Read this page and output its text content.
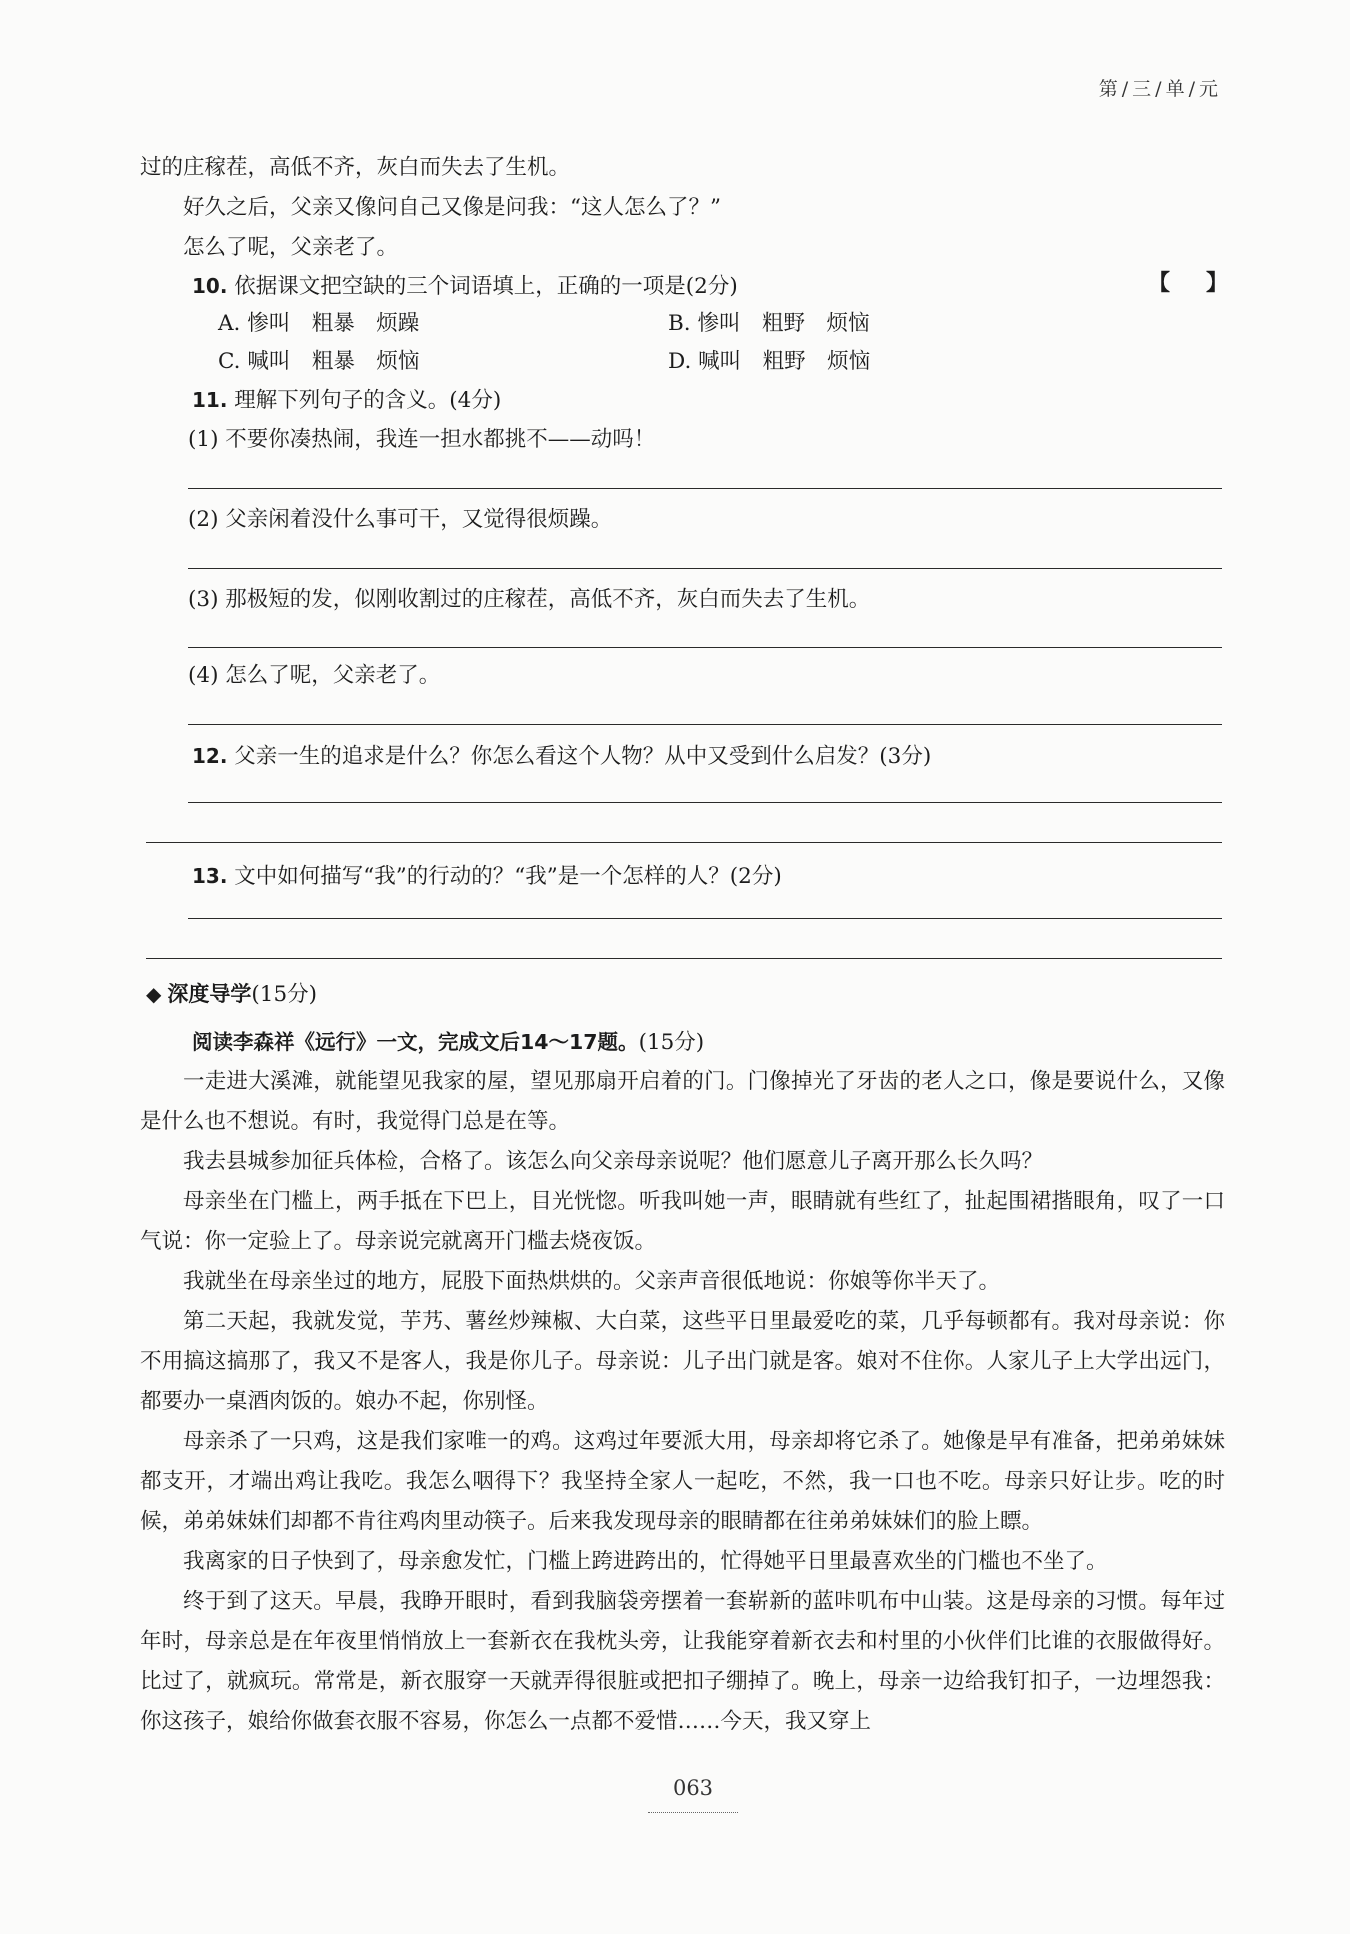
第/三/单/元

过的庄稼茬，高低不齐，灰白而失去了生机。

好久之后，父亲又像问自己又像是问我：“这人怎么了？”

怎么了呢，父亲老了。

10. 依据课文把空缺的三个词语填上，正确的一项是(2分)	【】
A. 惨叫　粗暴　烦躁	B. 惨叫　粗野　烦恼
C. 喊叫　粗暴　烦恼	D. 喊叫　粗野　烦恼
11. 理解下列句子的含义。(4分)
(1) 不要你凑热闹，我连一担水都挑不——动吗！
(2) 父亲闲着没什么事可干，又觉得很烦躁。
(3) 那极短的发，似刚收割过的庄稼茬，高低不齐，灰白而失去了生机。
(4) 怎么了呢，父亲老了。
12. 父亲一生的追求是什么？你怎么看这个人物？从中又受到什么启发？(3分)
13. 文中如何描写“我”的行动的？“我”是一个怎样的人？(2分)
◆ 深度导学(15分)
阅读李森祥《远行》一文，完成文后14～17题。(15分)

一走进大溪滩，就能望见我家的屋，望见那扇开启着的门。门像掉光了牙齿的老人之口，像是要说什么，又像是什么也不想说。有时，我觉得门总是在等。

我去县城参加征兵体检，合格了。该怎么向父亲母亲说呢？他们愿意儿子离开那么长久吗？

母亲坐在门槛上，两手抵在下巴上，目光恍惚。听我叫她一声，眼睛就有些红了，扯起围裙揩眼角，叹了一口气说：你一定验上了。母亲说完就离开门槛去烧夜饭。

我就坐在母亲坐过的地方，屁股下面热烘烘的。父亲声音很低地说：你娘等你半天了。

第二天起，我就发觉，芋艿、薯丝炒辣椒、大白菜，这些平日里最爱吃的菜，几乎每顿都有。我对母亲说：你不用搞这搞那了，我又不是客人，我是你儿子。母亲说：儿子出门就是客。娘对不住你。人家儿子上大学出远门，都要办一桌酒肉饭的。娘办不起，你别怪。

母亲杀了一只鸡，这是我们家唯一的鸡。这鸡过年要派大用，母亲却将它杀了。她像是早有准备，把弟弟妹妹都支开，才端出鸡让我吃。我怎么咽得下？我坚持全家人一起吃，不然，我一口也不吃。母亲只好让步。吃的时候，弟弟妹妹们却都不肯往鸡肉里动筷子。后来我发现母亲的眼睛都在往弟弟妹妹们的脸上瞟。

我离家的日子快到了，母亲愈发忙，门槛上跨进跨出的，忙得她平日里最喜欢坐的门槛也不坐了。

终于到了这天。早晨，我睁开眼时，看到我脑袋旁摆着一套崭新的蓝咔叽布中山装。这是母亲的习惯。每年过年时，母亲总是在年夜里悄悄放上一套新衣在我枕头旁，让我能穿着新衣去和村里的小伙伴们比谁的衣服做得好。比过了，就疯玩。常常是，新衣服穿一天就弄得很脏或把扣子绷掉了。晚上，母亲一边给我钉扣子，一边埋怨我：你这孩子，娘给你做套衣服不容易，你怎么一点都不爱惜……今天，我又穿上

063
